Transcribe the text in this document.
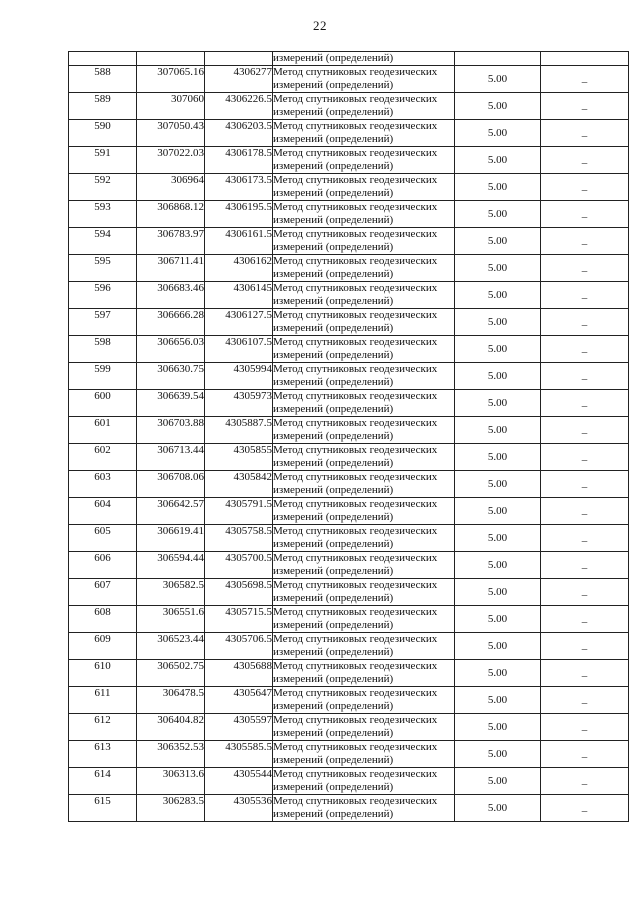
22
			измерений (определений)		
588	307065.16	4306277	Метод спутниковых геодезических
измерений (определений)	5.00	–
589	307060	4306226.5	Метод спутниковых геодезических
измерений (определений)	5.00	–
590	307050.43	4306203.5	Метод спутниковых геодезических
измерений (определений)	5.00	–
591	307022.03	4306178.5	Метод спутниковых геодезических
измерений (определений)	5.00	–
592	306964	4306173.5	Метод спутниковых геодезических
измерений (определений)	5.00	–
593	306868.12	4306195.5	Метод спутниковых геодезических
измерений (определений)	5.00	–
594	306783.97	4306161.5	Метод спутниковых геодезических
измерений (определений)	5.00	–
595	306711.41	4306162	Метод спутниковых геодезических
измерений (определений)	5.00	–
596	306683.46	4306145	Метод спутниковых геодезических
измерений (определений)	5.00	–
597	306666.28	4306127.5	Метод спутниковых геодезических
измерений (определений)	5.00	–
598	306656.03	4306107.5	Метод спутниковых геодезических
измерений (определений)	5.00	–
599	306630.75	4305994	Метод спутниковых геодезических
измерений (определений)	5.00	–
600	306639.54	4305973	Метод спутниковых геодезических
измерений (определений)	5.00	–
601	306703.88	4305887.5	Метод спутниковых геодезических
измерений (определений)	5.00	–
602	306713.44	4305855	Метод спутниковых геодезических
измерений (определений)	5.00	–
603	306708.06	4305842	Метод спутниковых геодезических
измерений (определений)	5.00	–
604	306642.57	4305791.5	Метод спутниковых геодезических
измерений (определений)	5.00	–
605	306619.41	4305758.5	Метод спутниковых геодезических
измерений (определений)	5.00	–
606	306594.44	4305700.5	Метод спутниковых геодезических
измерений (определений)	5.00	–
607	306582.5	4305698.5	Метод спутниковых геодезических
измерений (определений)	5.00	–
608	306551.6	4305715.5	Метод спутниковых геодезических
измерений (определений)	5.00	–
609	306523.44	4305706.5	Метод спутниковых геодезических
измерений (определений)	5.00	–
610	306502.75	4305688	Метод спутниковых геодезических
измерений (определений)	5.00	–
611	306478.5	4305647	Метод спутниковых геодезических
измерений (определений)	5.00	–
612	306404.82	4305597	Метод спутниковых геодезических
измерений (определений)	5.00	–
613	306352.53	4305585.5	Метод спутниковых геодезических
измерений (определений)	5.00	–
614	306313.6	4305544	Метод спутниковых геодезических
измерений (определений)	5.00	–
615	306283.5	4305536	Метод спутниковых геодезических
измерений (определений)	5.00	–
